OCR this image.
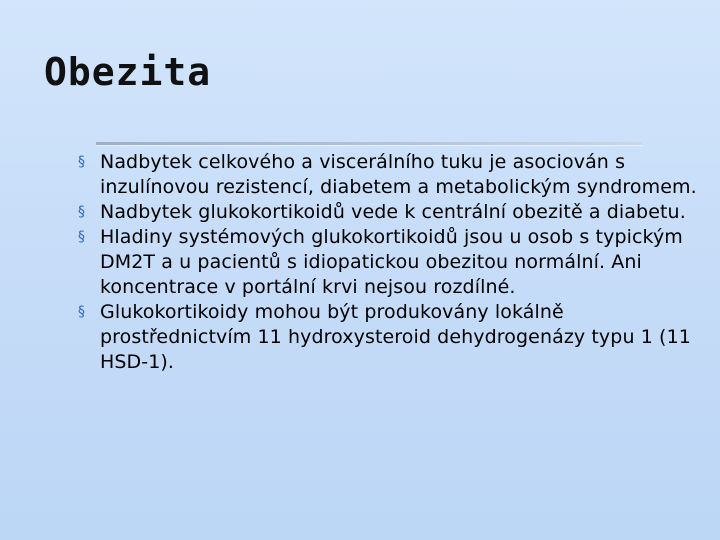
Obezita
§ Nadbytek celkového a viscerálního tuku je asociován s inzulínovou rezistencí, diabetem a metabolickým syndromem.
§ Nadbytek glukokortikoidů vede k centrální obezitě a diabetu.
§ Hladiny systémových glukokortikoidů jsou u osob s typickým DM2T a u pacientů s idiopatickou obezitou normální. Ani koncentrace v portální krvi nejsou rozdílné.
§ Glukokortikoidy mohou být produkovány lokálně prostřednictvím 11 hydroxysteroid dehydrogenázy typu 1 (11 HSD-1).
